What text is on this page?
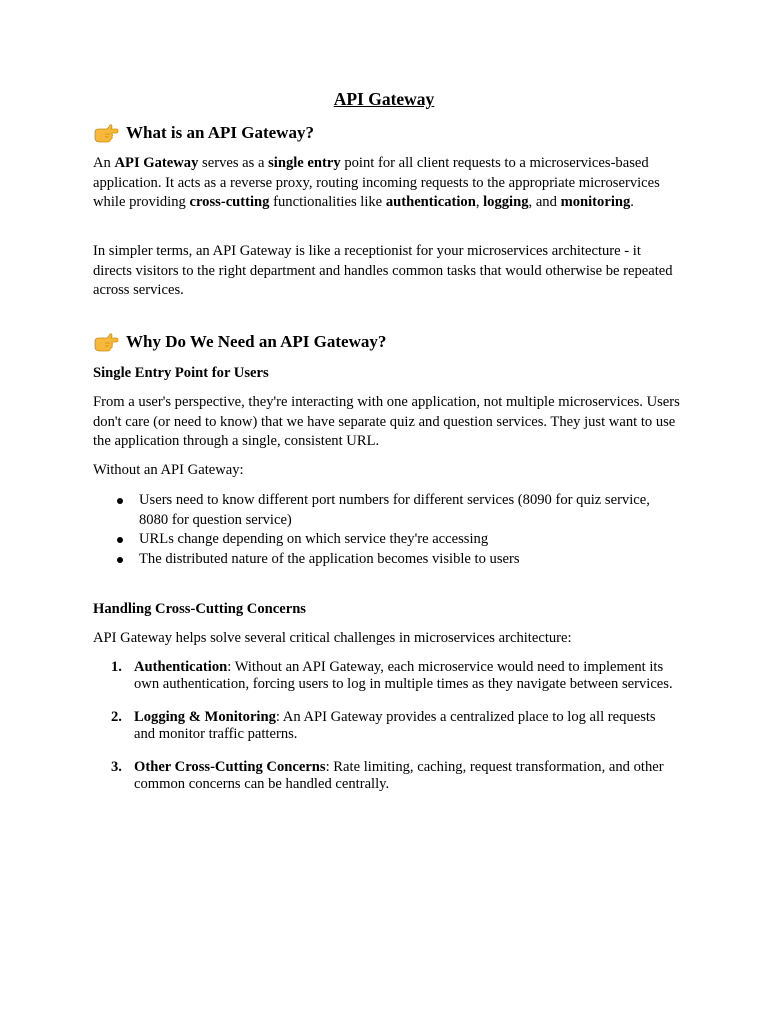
API Gateway
What is an API Gateway?

An API Gateway serves as a single entry point for all client requests to a microservices-based application. It acts as a reverse proxy, routing incoming requests to the appropriate microservices while providing cross-cutting functionalities like authentication, logging, and monitoring.

In simpler terms, an API Gateway is like a receptionist for your microservices architecture - it directs visitors to the right department and handles common tasks that would otherwise be repeated across services.

Why Do We Need an API Gateway?
Single Entry Point for Users

From a user's perspective, they're interacting with one application, not multiple microservices. Users don't care (or need to know) that we have separate quiz and question services. They just want to use the application through a single, consistent URL.

Without an API Gateway:

Users need to know different port numbers for different services (8090 for quiz service, 8080 for question service)
URLs change depending on which service they're accessing
The distributed nature of the application becomes visible to users
Handling Cross-Cutting Concerns

API Gateway helps solve several critical challenges in microservices architecture:

1. Authentication: Without an API Gateway, each microservice would need to implement its own authentication, forcing users to log in multiple times as they navigate between services.
2. Logging & Monitoring: An API Gateway provides a centralized place to log all requests and monitor traffic patterns.
3. Other Cross-Cutting Concerns: Rate limiting, caching, request transformation, and other common concerns can be handled centrally.
